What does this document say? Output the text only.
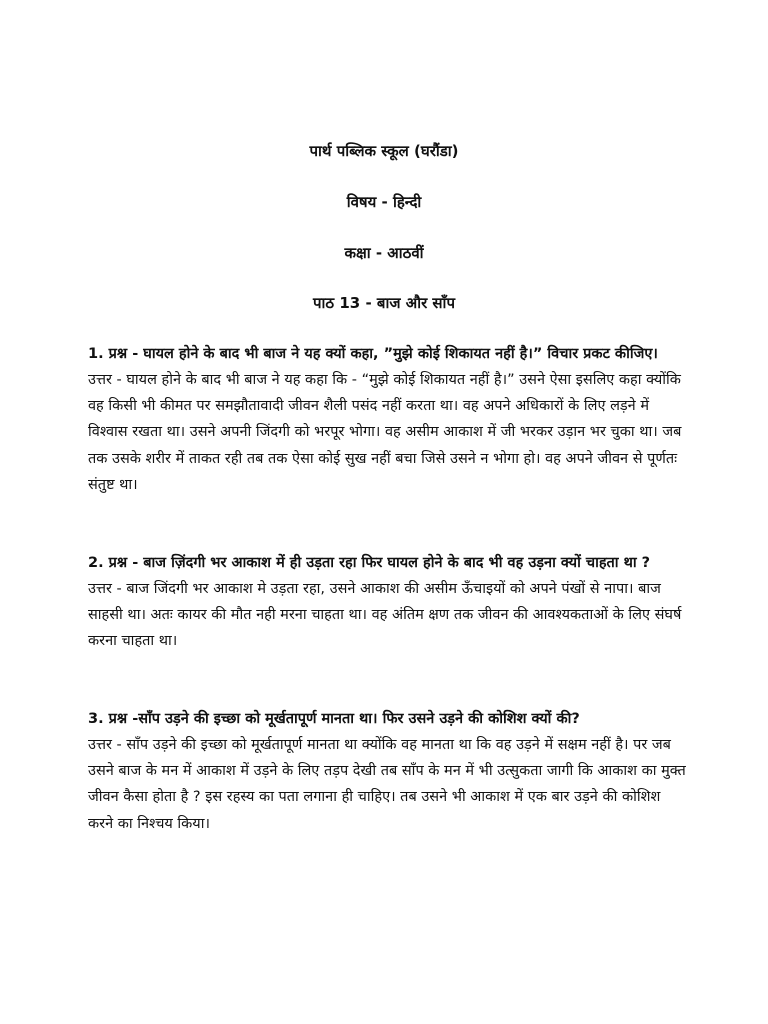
पार्थ पब्लिक स्कूल (घरौंडा)
विषय - हिन्दी
कक्षा - आठवीं
पाठ 13 - बाज और साँप

1. प्रश्न - घायल होने के बाद भी बाज ने यह क्यों कहा, ”मुझे कोई शिकायत नहीं है।” विचार प्रकट कीजिए।

उत्तर - घायल होने के बाद भी बाज ने यह कहा कि - “मुझे कोई शिकायत नहीं है।” उसने ऐसा इसलिए कहा क्योंकि वह किसी भी कीमत पर समझौतावादी जीवन शैली पसंद नहीं करता था। वह अपने अधिकारों के लिए लड़ने में विश्वास रखता था। उसने अपनी जिंदगी को भरपूर भोगा। वह असीम आकाश में जी भरकर उड़ान भर चुका था। जब तक उसके शरीर में ताकत रही तब तक ऐसा कोई सुख नहीं बचा जिसे उसने न भोगा हो। वह अपने जीवन से पूर्णतः संतुष्ट था।

2. प्रश्न - बाज ज़िंदगी भर आकाश में ही उड़ता रहा फिर घायल होने के बाद भी वह उड़ना क्यों चाहता था ?

उत्तर - बाज जिंदगी भर आकाश मे उड़ता रहा, उसने आकाश की असीम ऊँचाइयों को अपने पंखों से नापा। बाज साहसी था। अतः कायर की मौत नही मरना चाहता था। वह अंतिम क्षण तक जीवन की आवश्यकताओं के लिए संघर्ष करना चाहता था।

3. प्रश्न -साँप उड़ने की इच्छा को मूर्खतापूर्ण मानता था। फिर उसने उड़ने की कोशिश क्यों की?

उत्तर - साँप उड़ने की इच्छा को मूर्खतापूर्ण मानता था क्योंकि वह मानता था कि वह उड़ने में सक्षम नहीं है। पर जब उसने बाज के मन में आकाश में उड़ने के लिए तड़प देखी तब साँप के मन में भी उत्सुकता जागी कि आकाश का मुक्त जीवन कैसा होता है ? इस रहस्य का पता लगाना ही चाहिए। तब उसने भी आकाश में एक बार उड़ने की कोशिश करने का निश्चय किया।
